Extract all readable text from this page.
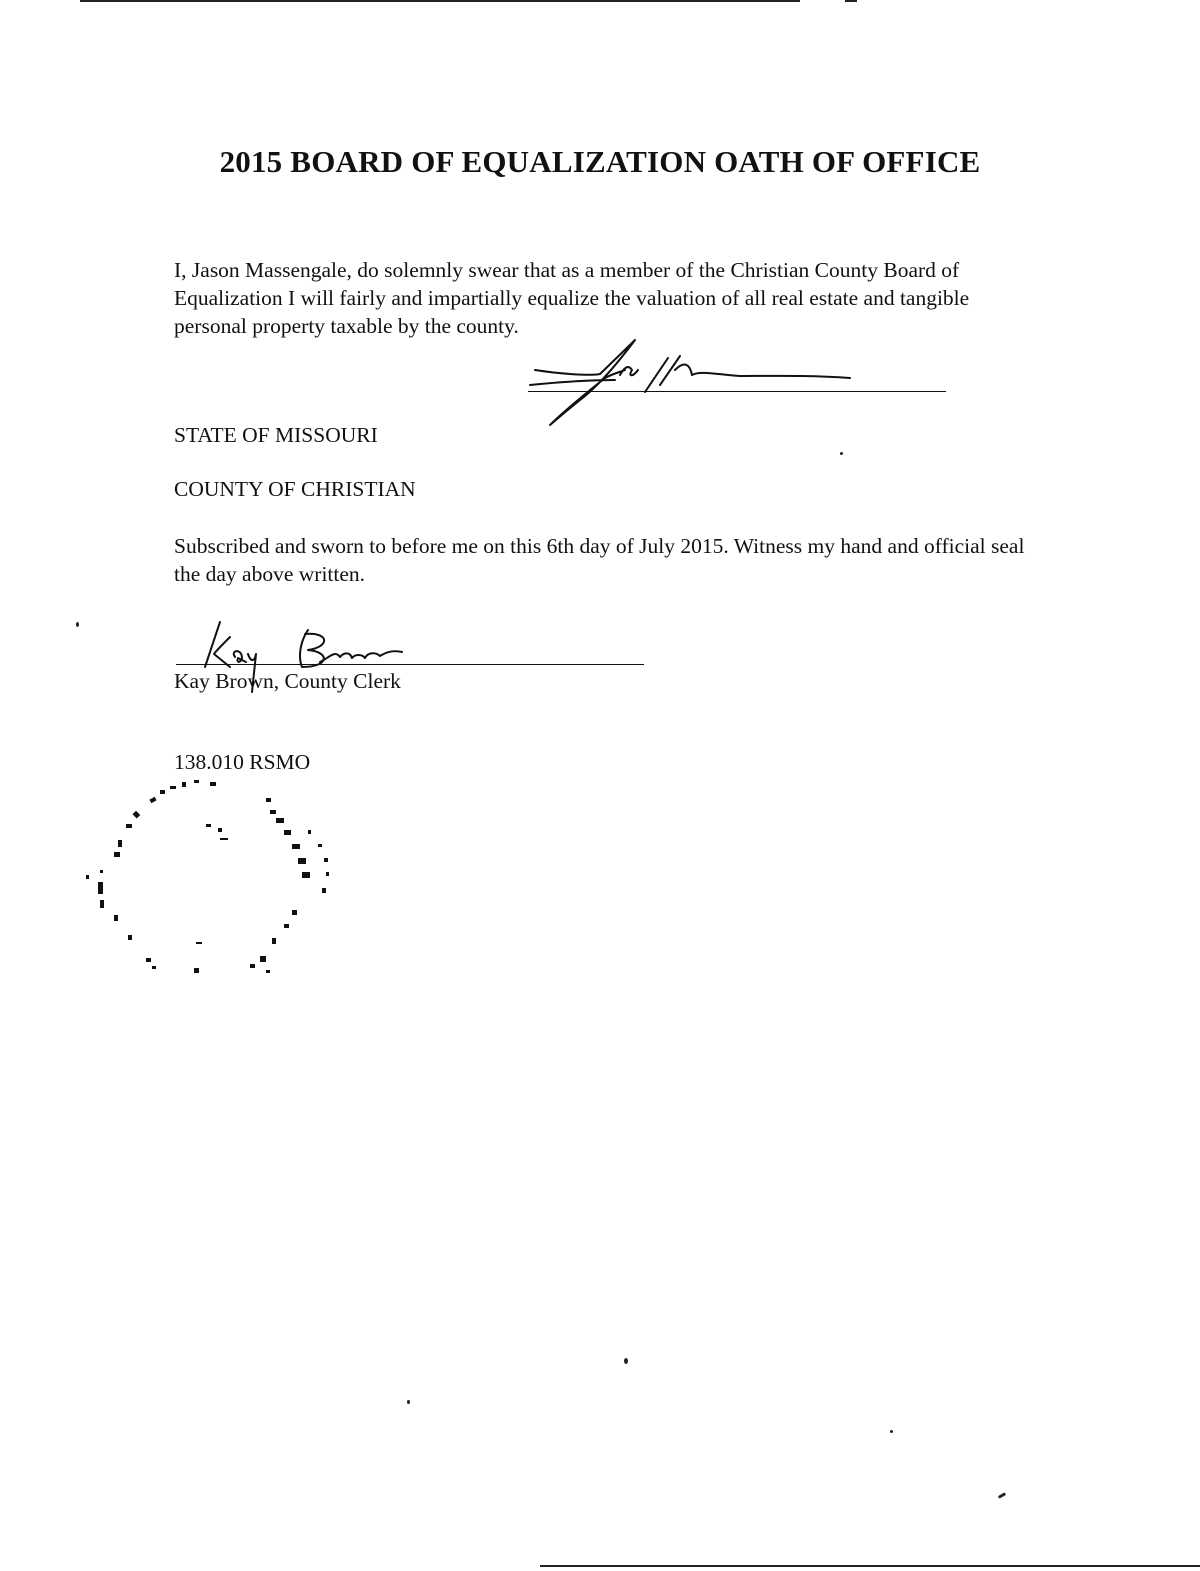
2015 BOARD OF EQUALIZATION OATH OF OFFICE
I, Jason Massengale, do solemnly swear that as a member of the Christian County Board of Equalization I will fairly and impartially equalize the valuation of all real estate and tangible personal property taxable by the county.
STATE OF MISSOURI
COUNTY OF CHRISTIAN
Subscribed and sworn to before me on this 6th day of July 2015. Witness my hand and official seal the day above written.
Kay Brown, County Clerk
138.010 RSMO
